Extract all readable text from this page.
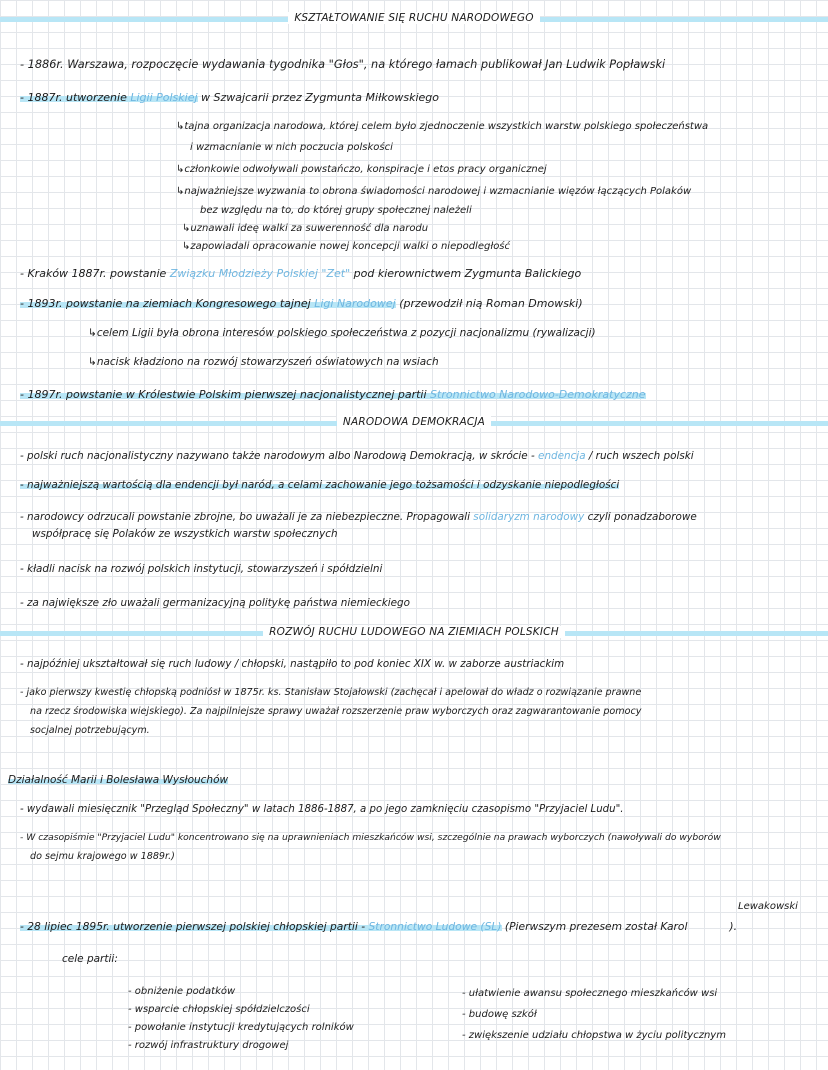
KSZTAŁTOWANIE SIĘ RUCHU NARODOWEGO
- 1886r. Warszawa, rozpoczęcie wydawania tygodnika "Głos", na którego łamach publikował Jan Ludwik Popławski
- 1887r. utworzenie Ligii Polskiej w Szwajcarii przez Zygmunta Miłkowskiego
↳tajna organizacja narodowa, której celem było zjednoczenie wszystkich warstw polskiego społeczeństwa
i wzmacnianie w nich poczucia polskości
↳członkowie odwoływali powstańczo, konspiracje i etos pracy organicznej
↳najważniejsze wyzwania to obrona świadomości narodowej i wzmacnianie więzów łączących Polaków
bez względu na to, do której grupy społecznej należeli
↳uznawali ideę walki za suwerenność dla narodu
↳zapowiadali opracowanie nowej koncepcji walki o niepodległość
- Kraków 1887r. powstanie Związku Młodzieży Polskiej "Zet" pod kierownictwem Zygmunta Balickiego
- 1893r. powstanie na ziemiach Kongresowego tajnej Ligi Narodowej (przewodził nią Roman Dmowski)
↳celem Ligii była obrona interesów polskiego społeczeństwa z pozycji nacjonalizmu (rywalizacji)
↳nacisk kładziono na rozwój stowarzyszeń oświatowych na wsiach
- 1897r. powstanie w Królestwie Polskim pierwszej nacjonalistycznej partii Stronnictwo Narodowo-Demokratyczne
NARODOWA DEMOKRACJA
- polski ruch nacjonalistyczny nazywano także narodowym albo Narodową Demokracją, w skrócie - endencja / ruch wszech polski
- najważniejszą wartością dla endencji był naród, a celami zachowanie jego tożsamości i odzyskanie niepodległości
- narodowcy odrzucali powstanie zbrojne, bo uważali je za niebezpieczne. Propagowali solidaryzm narodowy czyli ponadzaborowe
współpracę się Polaków ze wszystkich warstw społecznych
- kładli nacisk na rozwój polskich instytucji, stowarzyszeń i spółdzielni
- za największe zło uważali germanizacyjną politykę państwa niemieckiego
ROZWÓJ RUCHU LUDOWEGO NA ZIEMIACH POLSKICH
- najpóźniej ukształtował się ruch ludowy / chłopski, nastąpiło to pod koniec XIX w. w zaborze austriackim
- jako pierwszy kwestię chłopską podniósł w 1875r. ks. Stanisław Stojałowski (zachęcał i apelował do władz o rozwiązanie prawne
na rzecz środowiska wiejskiego). Za najpilniejsze sprawy uważał rozszerzenie praw wyborczych oraz zagwarantowanie pomocy
socjalnej potrzebującym.
Działalność Marii i Bolesława Wysłouchów
- wydawali miesięcznik "Przegląd Społeczny" w latach 1886-1887, a po jego zamknięciu czasopismo "Przyjaciel Ludu".
- W czasopiśmie "Przyjaciel Ludu" koncentrowano się na uprawnieniach mieszkańców wsi, szczególnie na prawach wyborczych (nawoływali do wyborów
do sejmu krajowego w 1889r.)
Lewakowski
- 28 lipiec 1895r. utworzenie pierwszej polskiej chłopskiej partii - Stronnictwo Ludowe (SL) (Pierwszym prezesem został Karol	).
cele partii:
- obniżenie podatków
- wsparcie chłopskiej spółdzielczości
- powołanie instytucji kredytujących rolników
- rozwój infrastruktury drogowej
- ułatwienie awansu społecznego mieszkańców wsi
- budowę szkół
- zwiększenie udziału chłopstwa w życiu politycznym
